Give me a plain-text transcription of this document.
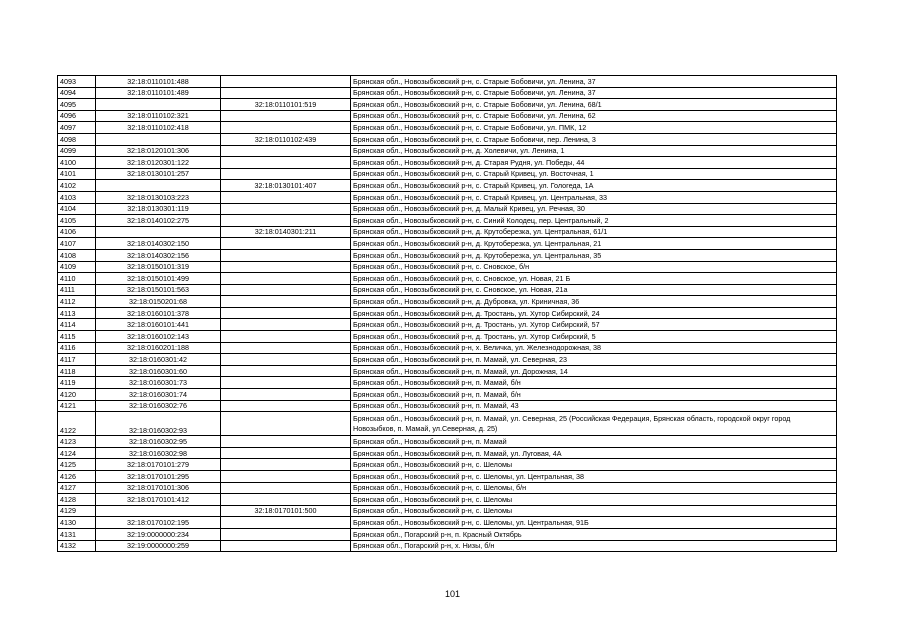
4093	32:18:0110101:488		Брянская обл., Новозыбковский р-н, с. Старые Бобовичи, ул. Ленина, 37
4094	32:18:0110101:489		Брянская обл., Новозыбковский р-н, с. Старые Бобовичи, ул. Ленина, 37
4095		32:18:0110101:519	Брянская обл., Новозыбковский р-н, с. Старые Бобовичи, ул. Ленина, 68/1
4096	32:18:0110102:321		Брянская обл., Новозыбковский р-н, с. Старые Бобовичи, ул. Ленина, 62
4097	32:18:0110102:418		Брянская обл., Новозыбковский р-н, с. Старые Бобовичи, ул. ПМК, 12
4098		32:18:0110102:439	Брянская обл., Новозыбковский р-н, с. Старые Бобовичи, пер. Ленина, 3
4099	32:18:0120101:306		Брянская обл., Новозыбковский р-н, д. Холевичи, ул. Ленина, 1
4100	32:18:0120301:122		Брянская обл., Новозыбковский р-н, д. Старая Рудня, ул. Победы, 44
4101	32:18:0130101:257		Брянская обл., Новозыбковский р-н, с. Старый Кривец, ул. Восточная, 1
4102		32:18:0130101:407	Брянская обл., Новозыбковский р-н, с. Старый Кривец, ул. Гологеда, 1А
4103	32:18:0130103:223		Брянская обл., Новозыбковский р-н, с. Старый Кривец, ул. Центральная, 33
4104	32:18:0130301:119		Брянская обл., Новозыбковский р-н, д. Малый Кривец, ул. Речная, 30
4105	32:18:0140102:275		Брянская обл., Новозыбковский р-н, с. Синий Колодец, пер. Центральный, 2
4106		32:18:0140301:211	Брянская обл., Новозыбковский р-н, д. Крутоберезка, ул. Центральная, 61/1
4107	32:18:0140302:150		Брянская обл., Новозыбковский р-н, д. Крутоберезка, ул. Центральная, 21
4108	32:18:0140302:156		Брянская обл., Новозыбковский р-н, д. Крутоберезка, ул. Центральная, 35
4109	32:18:0150101:319		Брянская обл., Новозыбковский р-н, с. Сновское, б/н
4110	32:18:0150101:499		Брянская обл., Новозыбковский р-н, с. Сновское, ул. Новая, 21 Б
4111	32:18:0150101:563		Брянская обл., Новозыбковский р-н, с. Сновское, ул. Новая, 21а
4112	32:18:0150201:68		Брянская обл., Новозыбковский р-н, д. Дубровка, ул. Криничная, 36
4113	32:18:0160101:378		Брянская обл., Новозыбковский р-н, д. Тростань, ул. Хутор Сибирский, 24
4114	32:18:0160101:441		Брянская обл., Новозыбковский р-н, д. Тростань, ул. Хутор Сибирский, 57
4115	32:18:0160102:143		Брянская обл., Новозыбковский р-н, д. Тростань, ул. Хутор Сибирский, 5
4116	32:18:0160201:188		Брянская обл., Новозыбковский р-н, х. Величка, ул. Железнодорожная, 38
4117	32:18:0160301:42		Брянская обл., Новозыбковский р-н, п. Мамай, ул. Северная, 23
4118	32:18:0160301:60		Брянская обл., Новозыбковский р-н, п. Мамай, ул. Дорожная, 14
4119	32:18:0160301:73		Брянская обл., Новозыбковский р-н, п. Мамай, б/н
4120	32:18:0160301:74		Брянская обл., Новозыбковский р-н, п. Мамай, б/н
4121	32:18:0160302:76		Брянская обл., Новозыбковский р-н, п. Мамай, 43
4122	32:18:0160302:93		Брянская обл., Новозыбковский р-н, п. Мамай, ул. Северная, 25 (Российская Федерация, Брянская область, городской округ город Новозыбков, п. Мамай, ул.Северная, д. 25)
4123	32:18:0160302:95		Брянская обл., Новозыбковский р-н, п. Мамай
4124	32:18:0160302:98		Брянская обл., Новозыбковский р-н, п. Мамай, ул. Луговая, 4А
4125	32:18:0170101:279		Брянская обл., Новозыбковский р-н, с. Шеломы
4126	32:18:0170101:295		Брянская обл., Новозыбковский р-н, с. Шеломы, ул. Центральная, 38
4127	32:18:0170101:306		Брянская обл., Новозыбковский р-н, с. Шеломы, б/н
4128	32:18:0170101:412		Брянская обл., Новозыбковский р-н, с. Шеломы
4129		32:18:0170101:500	Брянская обл., Новозыбковский р-н, с. Шеломы
4130	32:18:0170102:195		Брянская обл., Новозыбковский р-н, с. Шеломы, ул. Центральная, 91Б
4131	32:19:0000000:234		Брянская обл., Погарский р-н, п. Красный Октябрь
4132	32:19:0000000:259		Брянская обл., Погарский р-н, х. Низы, б/н
101
